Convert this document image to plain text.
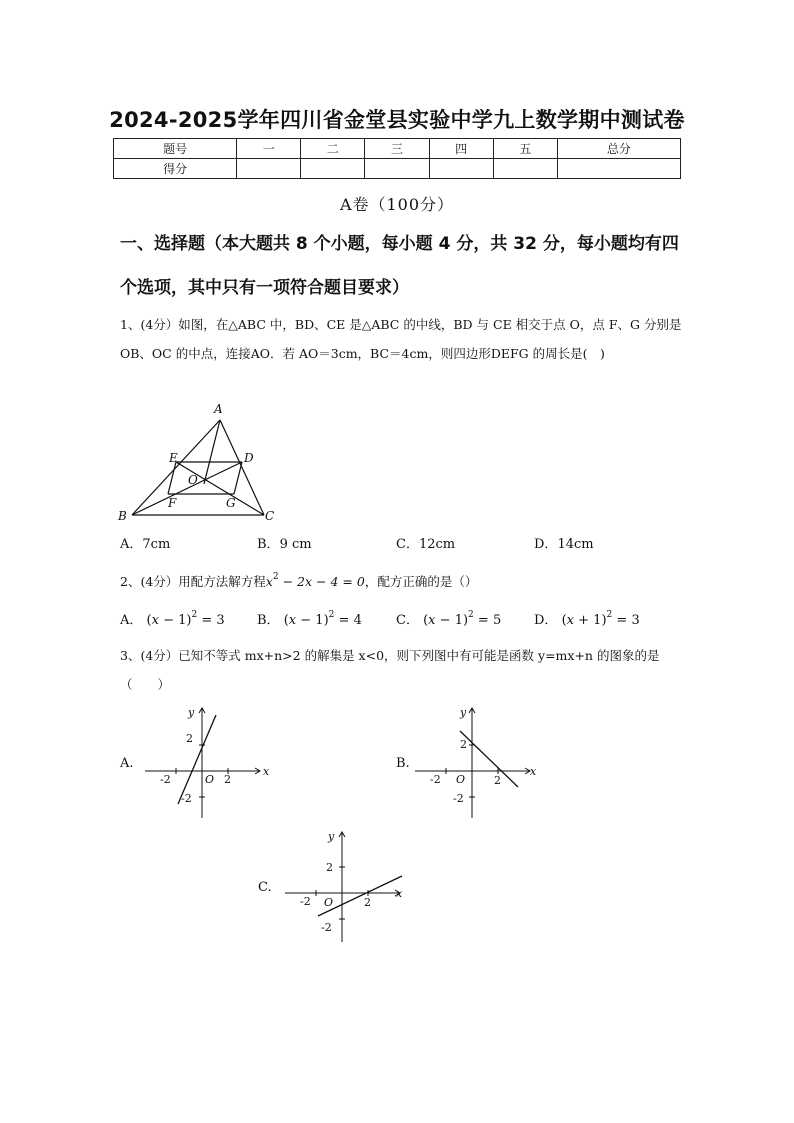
2024-2025学年四川省金堂县实验中学九上数学期中测试卷
题号	一	二	三	四	五	总分
得分						
A卷（100分）
一、选择题（本大题共 8 个小题，每小题 4 分，共 32 分，每小题均有四个选项，其中只有一项符合题目要求）
1、(4分）如图，在△ABC 中，BD、CE 是△ABC 的中线，BD 与 CE 相交于点 O，点 F、G 分别是 OB、OC 的中点，连接AO．若 AO＝3cm，BC＝4cm，则四边形DEFG 的周长是(　)
A
B	C
D
E
F	G
O
A．7cm	B．9 cm	C．12cm	D．14cm
2、(4分）用配方法解方程$x^2 - 2x - 4 = 0$，配方正确的是（）
A． $(x - 1)^2 = 3$ B． $(x - 1)^2 = 4$	C． $(x - 1)^2 = 5$	D． $(x + 1)^2 = 3$
3、(4分）已知不等式 mx+n>2 的解集是 x<0，则下列图中有可能是函数 y=mx+n 的图象的是（　　）
A.	B.
C.
x
y
O
-2	2
2
-2
x
y
O
-2	2
2
-2
x
y
O
-2	2
2
-2
